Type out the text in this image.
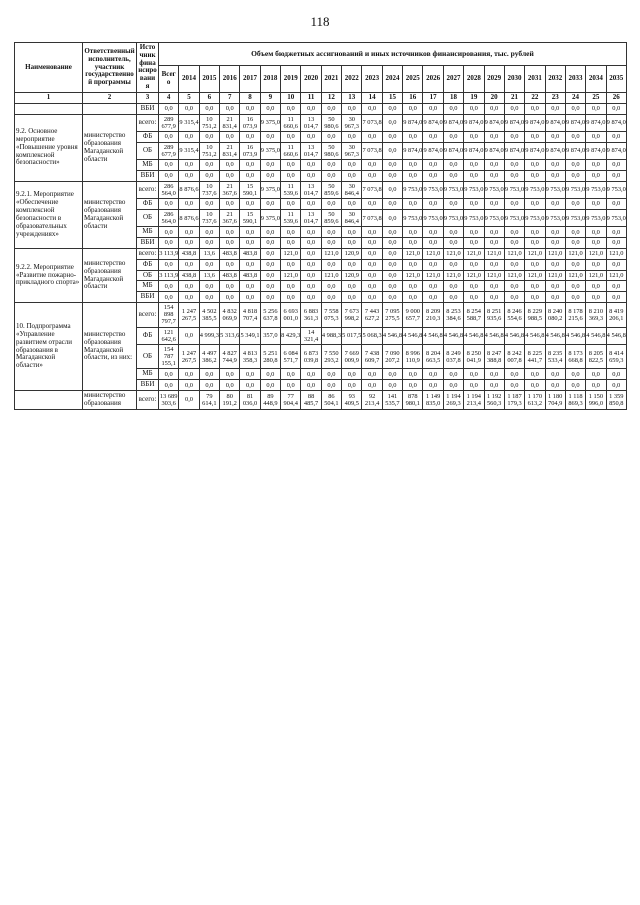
118
Наименование	Ответственный исполнитель, участник государственной программы	Источник финансирования	Объем бюджетных ассигнований и иных источников финансирования, тыс. рублей																						
			Всего	2014	2015	2016	2017	2018	2019	2020	2021	2022	2023	2024	2025	2026	2027	2028	2029	2030	2031	2032	2033	2034	2035
1	2	3	4	5	6	7	8	9	10	11	12	13	14	15	16	17	18	19	20	21	22	23	24	25	26
		ВБИ	0,0	0,0	0,0	0,0	0,0	0,0	0,0	0,0	0,0	0,0	0,0	0,0	0,0	0,0	0,0	0,0	0,0	0,0	0,0	0,0	0,0	0,0	0,0
9.2. Основное мероприятие «Повышение уровня комплексной безопасности»	министерство образования Магаданской области	всего:	289 677,9	9 315,4	10 751,2	21 831,4	16 073,9	9 375,0	11 660,6	13 014,7	50 980,6	30 967,3	7 073,8	0,0	9 874,0	9 874,0	9 874,0	9 874,0	9 874,0	9 874,0	9 874,0	9 874,0	9 874,0	9 874,0	9 874,0
		ФБ	0,0	0,0	0,0	0,0	0,0	0,0	0,0	0,0	0,0	0,0	0,0	0,0	0,0	0,0	0,0	0,0	0,0	0,0	0,0	0,0	0,0	0,0	0,0
		ОБ	289 677,9	9 315,4	10 751,2	21 831,4	16 073,9	9 375,0	11 660,6	13 014,7	50 980,6	30 967,3	7 073,8	0,0	9 874,0	9 874,0	9 874,0	9 874,0	9 874,0	9 874,0	9 874,0	9 874,0	9 874,0	9 874,0	9 874,0
		МБ	0,0	0,0	0,0	0,0	0,0	0,0	0,0	0,0	0,0	0,0	0,0	0,0	0,0	0,0	0,0	0,0	0,0	0,0	0,0	0,0	0,0	0,0	0,0
		ВБИ	0,0	0,0	0,0	0,0	0,0	0,0	0,0	0,0	0,0	0,0	0,0	0,0	0,0	0,0	0,0	0,0	0,0	0,0	0,0	0,0	0,0	0,0	0,0
9.2.1. Мероприятие «Обеспечение комплексной безопасности в образовательных учреждениях»	министерство образования Магаданской области	всего:	286 564,0	8 876,6	10 737,6	21 367,6	15 590,1	9 375,0	11 539,6	13 014,7	50 859,6	30 846,4	7 073,8	0,0	9 753,0	9 753,0	9 753,0	9 753,0	9 753,0	9 753,0	9 753,0	9 753,0	9 753,0	9 753,0	9 753,0
		ФБ	0,0	0,0	0,0	0,0	0,0	0,0	0,0	0,0	0,0	0,0	0,0	0,0	0,0	0,0	0,0	0,0	0,0	0,0	0,0	0,0	0,0	0,0	0,0
		ОБ	286 564,0	8 876,6	10 737,6	21 367,6	15 590,1	9 375,0	11 539,6	13 014,7	50 859,6	30 846,4	7 073,8	0,0	9 753,0	9 753,0	9 753,0	9 753,0	9 753,0	9 753,0	9 753,0	9 753,0	9 753,0	9 753,0	9 753,0
		МБ	0,0	0,0	0,0	0,0	0,0	0,0	0,0	0,0	0,0	0,0	0,0	0,0	0,0	0,0	0,0	0,0	0,0	0,0	0,0	0,0	0,0	0,0	0,0
		ВБИ	0,0	0,0	0,0	0,0	0,0	0,0	0,0	0,0	0,0	0,0	0,0	0,0	0,0	0,0	0,0	0,0	0,0	0,0	0,0	0,0	0,0	0,0	0,0
9.2.2. Мероприятие «Развитие пожарно-прикладного спорта»	министерство образования Магаданской области	всего:	3 113,9	438,8	13,6	483,8	483,8	0,0	121,0	0,0	121,0	120,9	0,0	0,0	121,0	121,0	121,0	121,0	121,0	121,0	121,0	121,0	121,0	121,0	121,0
		ФБ	0,0	0,0	0,0	0,0	0,0	0,0	0,0	0,0	0,0	0,0	0,0	0,0	0,0	0,0	0,0	0,0	0,0	0,0	0,0	0,0	0,0	0,0	0,0
		ОБ	3 113,9	438,8	13,6	483,8	483,8	0,0	121,0	0,0	121,0	120,9	0,0	0,0	121,0	121,0	121,0	121,0	121,0	121,0	121,0	121,0	121,0	121,0	121,0
		МБ	0,0	0,0	0,0	0,0	0,0	0,0	0,0	0,0	0,0	0,0	0,0	0,0	0,0	0,0	0,0	0,0	0,0	0,0	0,0	0,0	0,0	0,0	0,0
		ВБИ	0,0	0,0	0,0	0,0	0,0	0,0	0,0	0,0	0,0	0,0	0,0	0,0	0,0	0,0	0,0	0,0	0,0	0,0	0,0	0,0	0,0	0,0	0,0
10. Подпрограмма «Управление развитием отрасли образования в Магаданской области»	министерство образования Магаданской области, из них:	всего:	154 898 797,7	1 247 267,5	4 502 385,5	4 832 069,9	4 818 707,4	5 256 637,8	6 693 001,0	6 883 361,3	7 558 075,3	7 673 998,2	7 443 627,2	7 095 275,5	9 000 657,7	8 209 210,3	8 253 384,6	8 254 588,7	8 251 935,6	8 246 554,6	8 229 988,5	8 240 080,2	8 178 215,6	8 210 369,3	8 419 206,1
		ФБ	121 642,6	0,0	4 999,3	5 313,6	5 349,1	357,0	8 429,3	14 321,4	4 988,3	5 017,5	5 068,3	4 546,8	4 546,8	4 546,8	4 546,8	4 546,8	4 546,8	4 546,8	4 546,8	4 546,8	4 546,8	4 546,8	4 546,8
		ОБ	154 787 155,1	1 247 267,5	4 497 386,2	4 827 744,9	4 813 358,3	5 251 280,8	6 084 571,7	6 873 039,8	7 550 293,2	7 669 009,9	7 438 609,7	7 090 207,2	8 996 110,9	8 204 663,5	8 249 037,8	8 250 041,9	8 247 388,8	8 242 007,8	8 225 441,7	8 235 533,4	8 173 668,8	8 205 822,5	8 414 659,3
		МБ	0,0	0,0	0,0	0,0	0,0	0,0	0,0	0,0	0,0	0,0	0,0	0,0	0,0	0,0	0,0	0,0	0,0	0,0	0,0	0,0	0,0	0,0	0,0
		ВБИ	0,0	0,0	0,0	0,0	0,0	0,0	0,0	0,0	0,0	0,0	0,0	0,0	0,0	0,0	0,0	0,0	0,0	0,0	0,0	0,0	0,0	0,0	0,0
	министерство образования	всего:	13 689 303,6	0,0	79 614,1	80 191,2	81 036,0	89 448,9	77 904,4	88 485,7	86 504,1	93 409,5	92 213,4	141 535,7	878 980,1	1 149 835,0	1 194 269,3	1 194 213,4	1 192 560,3	1 187 179,3	1 170 613,2	1 180 704,9	1 118 869,3	1 150 996,0	1 359 850,8
